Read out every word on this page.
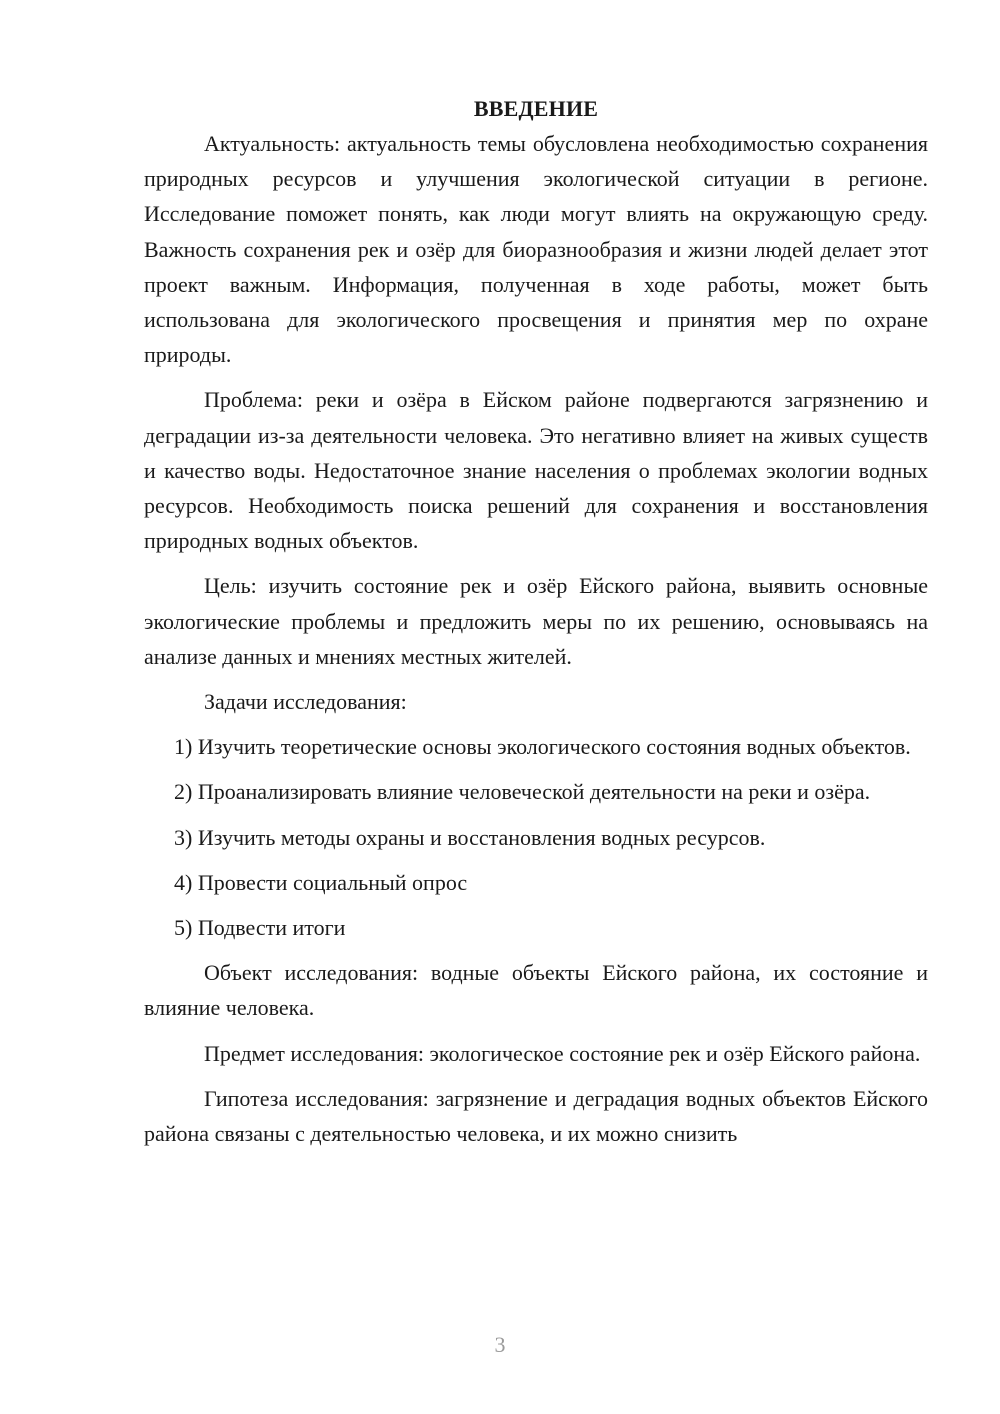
ВВЕДЕНИЕ

Актуальность: актуальность темы обусловлена необходимостью сохранения природных ресурсов и улучшения экологической ситуации в регионе. Исследование поможет понять, как люди могут влиять на окружающую среду. Важность сохранения рек и озёр для биоразнообразия и жизни людей делает этот проект важным. Информация, полученная в ходе работы, может быть использована для экологического просвещения и принятия мер по охране природы.

Проблема: реки и озёра в Ейском районе подвергаются загрязнению и деградации из-за деятельности человека. Это негативно влияет на живых существ и качество воды. Недостаточное знание населения о проблемах экологии водных ресурсов. Необходимость поиска решений для сохранения и восстановления природных водных объектов.

Цель: изучить состояние рек и озёр Ейского района, выявить основные экологические проблемы и предложить меры по их решению, основываясь на анализе данных и мнениях местных жителей.

Задачи исследования:

1) Изучить теоретические основы экологического состояния водных объектов.

2) Проанализировать влияние человеческой деятельности на реки и озёра.

3) Изучить методы охраны и восстановления водных ресурсов.

4) Провести социальный опрос

5) Подвести итоги

Объект исследования: водные объекты Ейского района, их состояние и влияние человека.

Предмет исследования: экологическое состояние рек и озёр Ейского района.

Гипотеза исследования: загрязнение и деградация водных объектов Ейского района связаны с деятельностью человека, и их можно снизить

3
